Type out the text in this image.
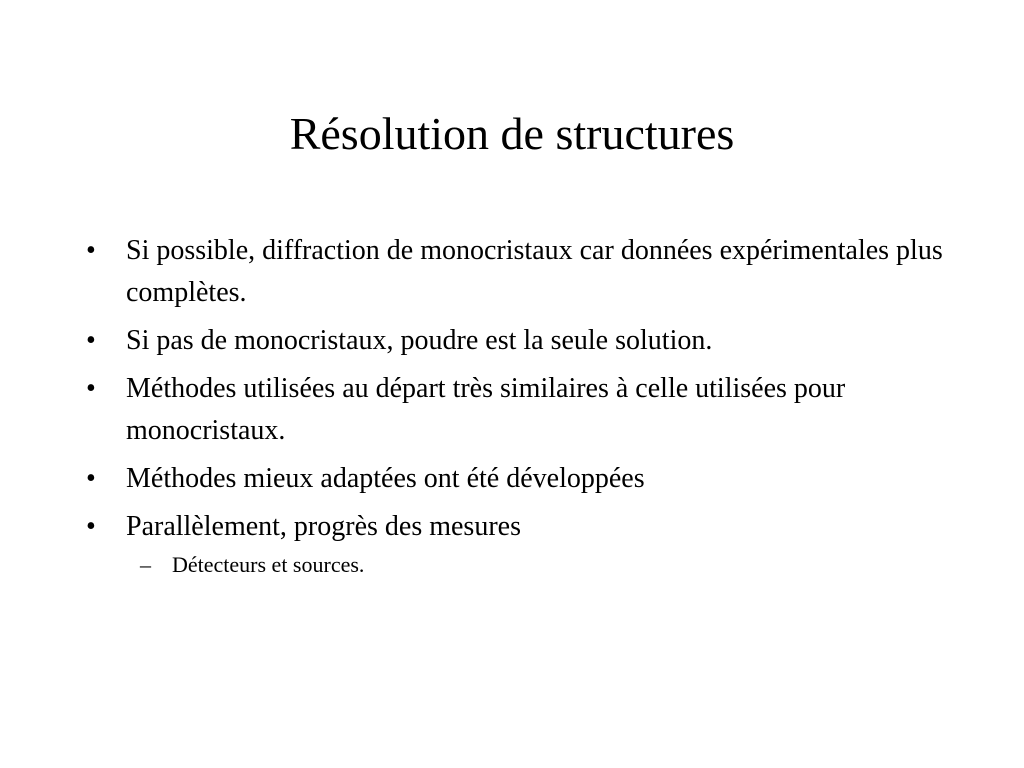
Résolution de structures
•	Si possible, diffraction de monocristaux car données expérimentales plus complètes.
•	Si pas de monocristaux, poudre est la seule solution.
•	Méthodes utilisées au départ très similaires à celle utilisées pour monocristaux.
•	Méthodes mieux adaptées ont été développées
•	Parallèlement, progrès des mesures
– Détecteurs et sources.
